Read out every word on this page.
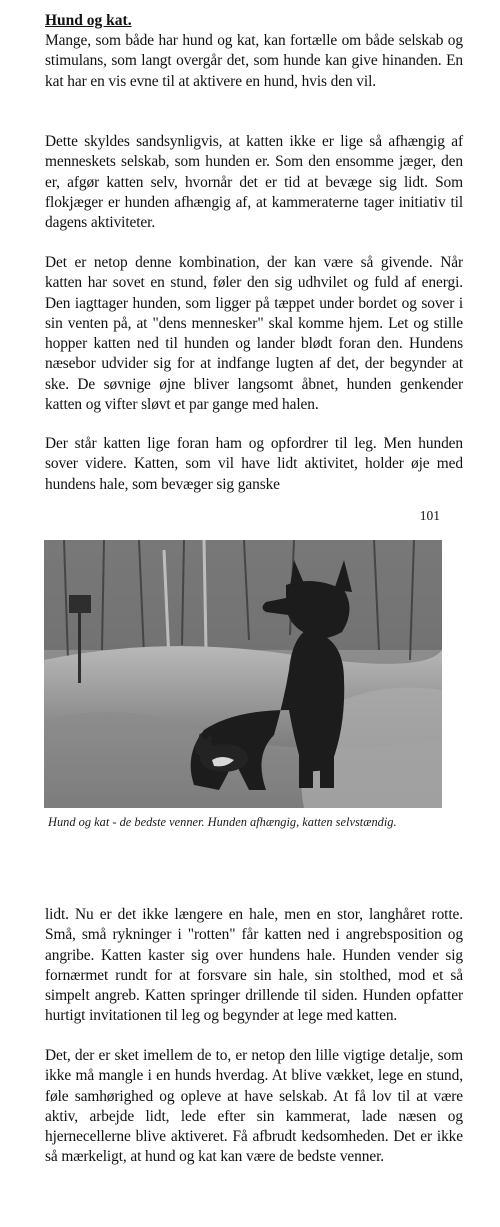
Hund og kat.

Mange, som både har hund og kat, kan fortælle om både selskab og stimulans, som langt overgår det, som hunde kan give hinanden. En kat har en vis evne til at aktivere en hund, hvis den vil.

Dette skyldes sandsynligvis, at katten ikke er lige så afhængig af menneskets selskab, som hunden er. Som den ensomme jæger, den er, afgør katten selv, hvornår det er tid at bevæge sig lidt. Som flokjæger er hunden afhængig af, at kammeraterne tager initiativ til dagens aktiviteter.

Det er netop denne kombination, der kan være så givende. Når katten har sovet en stund, føler den sig udhvilet og fuld af energi. Den iagttager hunden, som ligger på tæppet under bordet og sover i sin venten på, at "dens mennesker" skal komme hjem. Let og stille hopper katten ned til hunden og lander blødt foran den. Hundens næsebor udvider sig for at indfange lugten af det, der begynder at ske. De søvnige øjne bliver langsomt åbnet, hunden genkender katten og vifter sløvt et par gange med halen.

Der står katten lige foran ham og opfordrer til leg. Men hunden sover videre. Katten, som vil have lidt aktivitet, holder øje med hundens hale, som bevæger sig ganske

101

Hund og kat - de bedste venner. Hunden afhængig, katten selvstændig.

lidt. Nu er det ikke længere en hale, men en stor, langhåret rotte. Små, små rykninger i "rotten" får katten ned i angrebsposition og angribe. Katten kaster sig over hundens hale. Hunden vender sig fornærmet rundt for at forsvare sin hale, sin stolthed, mod et så simpelt angreb. Katten springer drillende til siden. Hunden opfatter hurtigt invitationen til leg og begynder at lege med katten.

Det, der er sket imellem de to, er netop den lille vigtige detalje, som ikke må mangle i en hunds hverdag. At blive vækket, lege en stund, føle samhørighed og opleve at have selskab. At få lov til at være aktiv, arbejde lidt, lede efter sin kammerat, lade næsen og hjernecellerne blive aktiveret. Få afbrudt kedsomheden. Det er ikke så mærkeligt, at hund og kat kan være de bedste venner.
